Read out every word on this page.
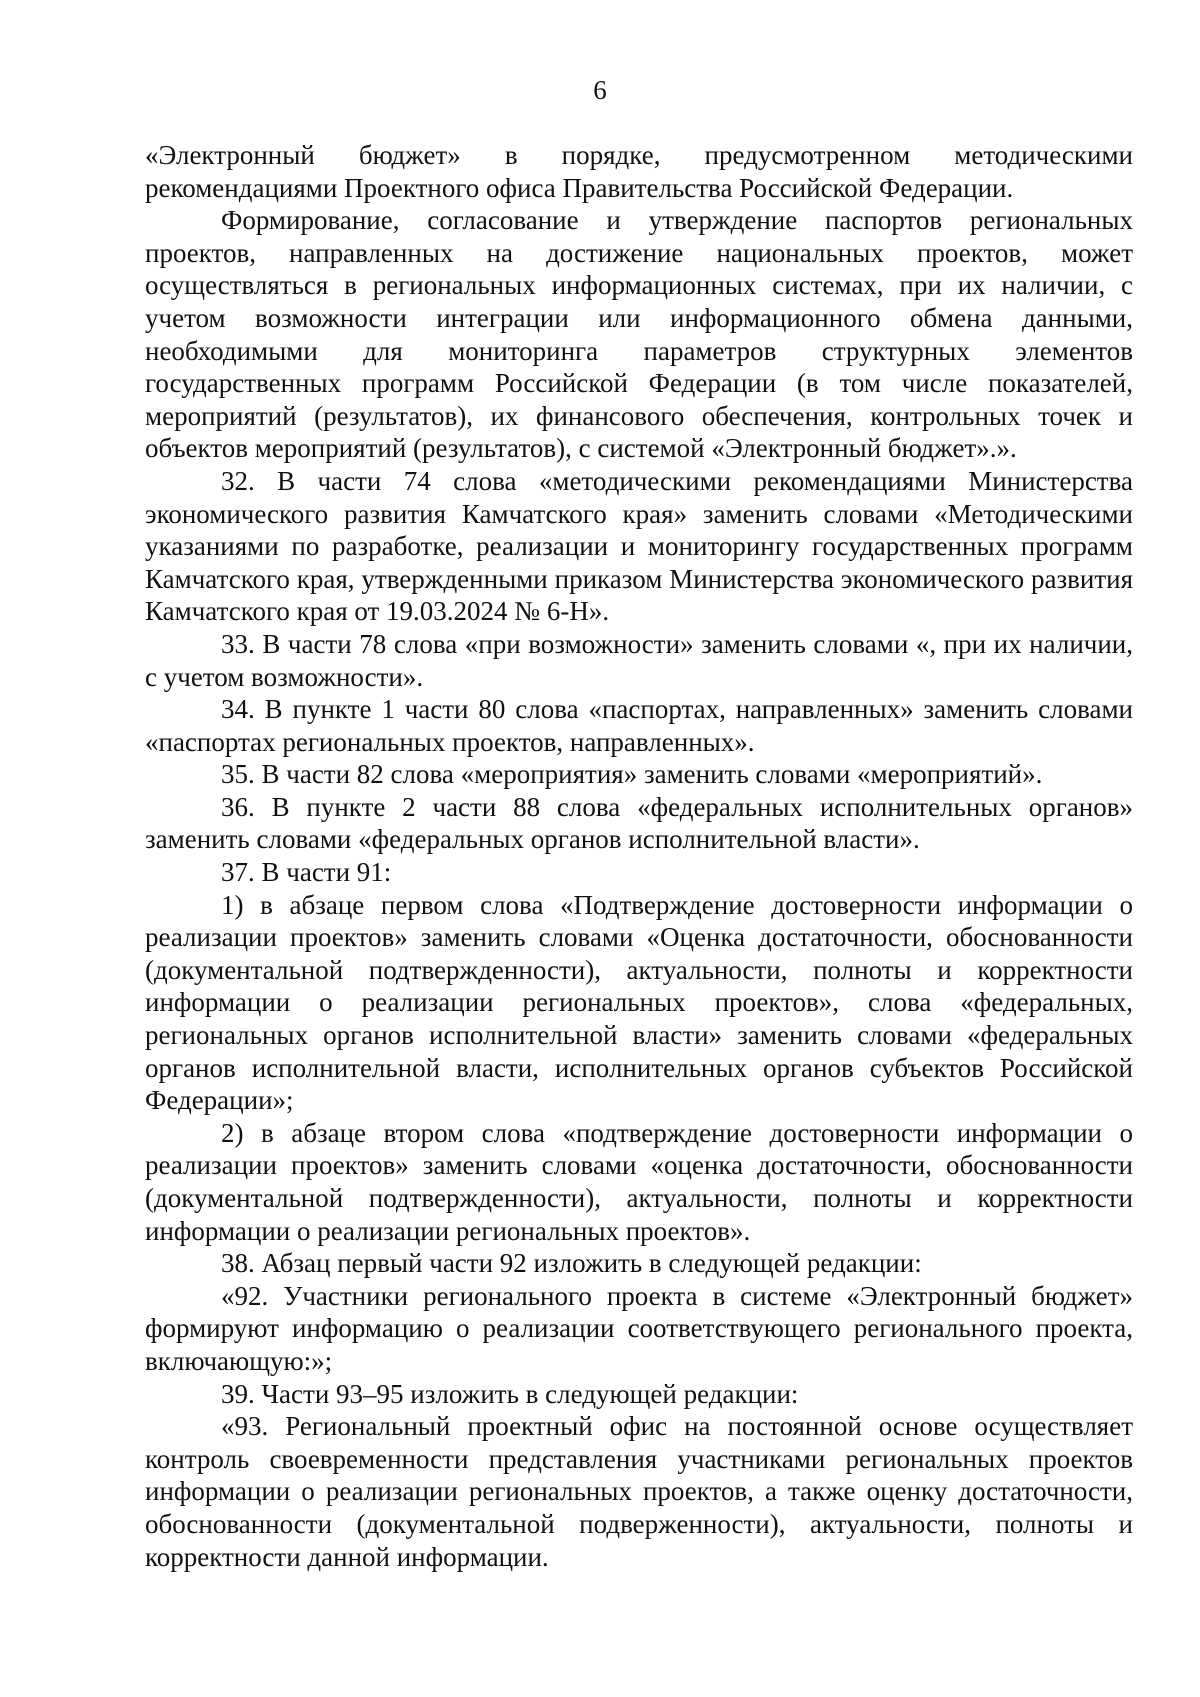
6

«Электронный бюджет» в порядке, предусмотренном методическими рекомендациями Проектного офиса Правительства Российской Федерации.

Формирование, согласование и утверждение паспортов региональных проектов, направленных на достижение национальных проектов, может осуществляться в региональных информационных системах, при их наличии, с учетом возможности интеграции или информационного обмена данными, необходимыми для мониторинга параметров структурных элементов государственных программ Российской Федерации (в том числе показателей, мероприятий (результатов), их финансового обеспечения, контрольных точек и объектов мероприятий (результатов), с системой «Электронный бюджет».».

32. В части 74 слова «методическими рекомендациями Министерства экономического развития Камчатского края» заменить словами «Методическими указаниями по разработке, реализации и мониторингу государственных программ Камчатского края, утвержденными приказом Министерства экономического развития Камчатского края от 19.03.2024 № 6-Н».

33. В части 78 слова «при возможности» заменить словами «, при их наличии, с учетом возможности».

34. В пункте 1 части 80 слова «паспортах, направленных» заменить словами «паспортах региональных проектов, направленных».

35. В части 82 слова «мероприятия» заменить словами «мероприятий».

36. В пункте 2 части 88 слова «федеральных исполнительных органов» заменить словами «федеральных органов исполнительной власти».

37. В части 91:

1) в абзаце первом слова «Подтверждение достоверности информации о реализации проектов» заменить словами «Оценка достаточности, обоснованности (документальной подтвержденности), актуальности, полноты и корректности информации о реализации региональных проектов», слова «федеральных, региональных органов исполнительной власти» заменить словами «федеральных органов исполнительной власти, исполнительных органов субъектов Российской Федерации»;

2) в абзаце втором слова «подтверждение достоверности информации о реализации проектов» заменить словами «оценка достаточности, обоснованности (документальной подтвержденности), актуальности, полноты и корректности информации о реализации региональных проектов».

38. Абзац первый части 92 изложить в следующей редакции:

«92. Участники регионального проекта в системе «Электронный бюджет» формируют информацию о реализации соответствующего регионального проекта, включающую:»;

39. Части 93–95 изложить в следующей редакции:

«93. Региональный проектный офис на постоянной основе осуществляет контроль своевременности представления участниками региональных проектов информации о реализации региональных проектов, а также оценку достаточности, обоснованности (документальной подверженности), актуальности, полноты и корректности данной информации.
